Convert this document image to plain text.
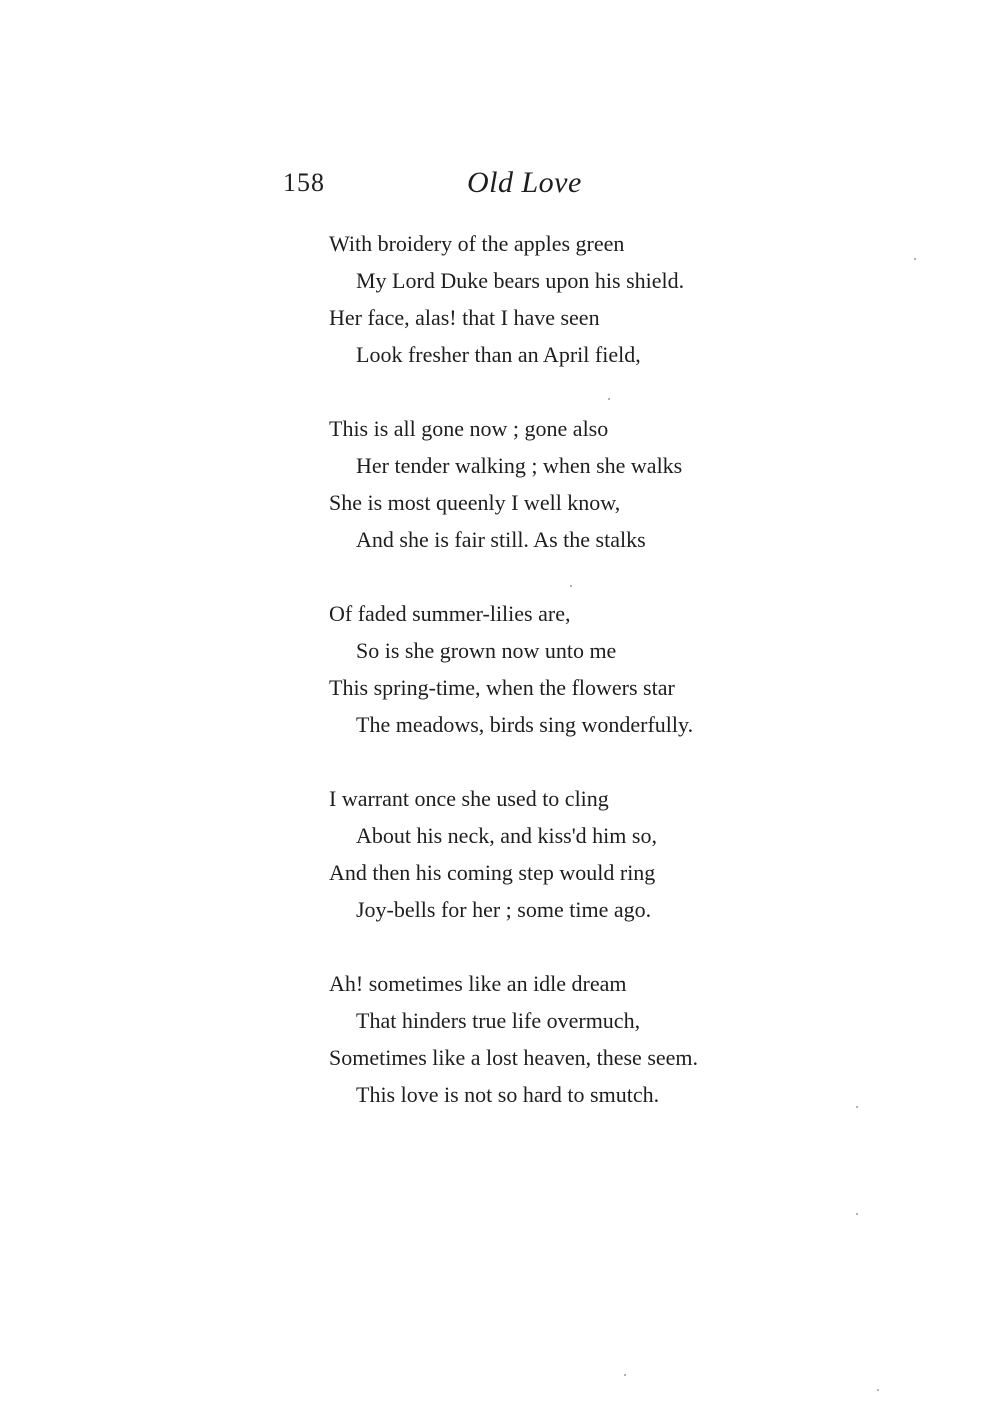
158	Old Love
With broidery of the apples green
My Lord Duke bears upon his shield.
Her face, alas! that I have seen
Look fresher than an April field,
This is all gone now ; gone also
Her tender walking ; when she walks
She is most queenly I well know,
And she is fair still. As the stalks
Of faded summer-lilies are,
So is she grown now unto me
This spring-time, when the flowers star
The meadows, birds sing wonderfully.
I warrant once she used to cling
About his neck, and kiss'd him so,
And then his coming step would ring
Joy-bells for her ; some time ago.
Ah! sometimes like an idle dream
That hinders true life overmuch,
Sometimes like a lost heaven, these seem.
This love is not so hard to smutch.
